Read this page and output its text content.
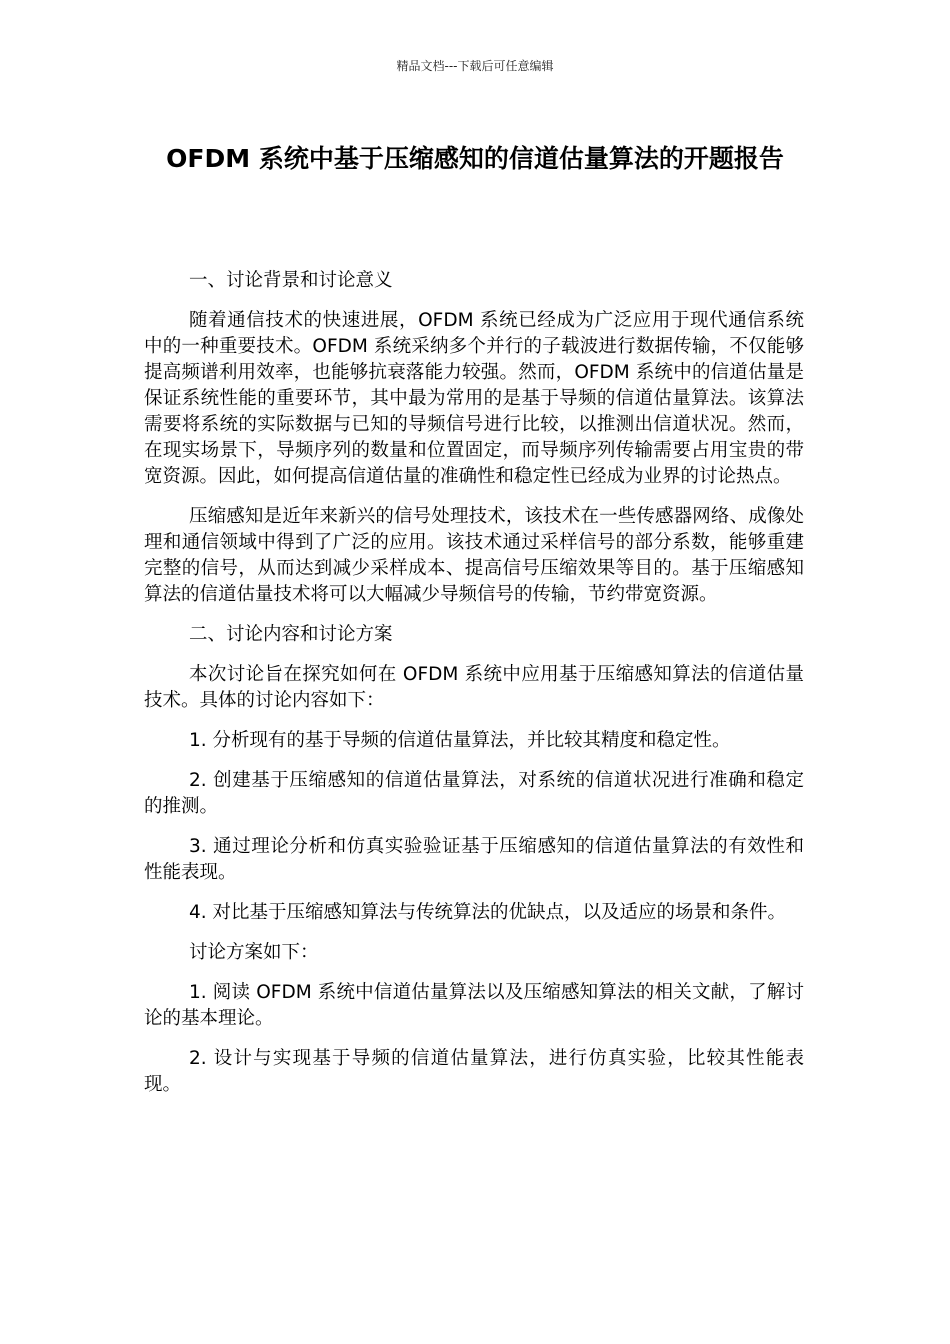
精品文档---下载后可任意编辑
OFDM 系统中基于压缩感知的信道估量算法的开题报告

一、讨论背景和讨论意义

随着通信技术的快速进展，OFDM 系统已经成为广泛应用于现代通信系统中的一种重要技术。OFDM 系统采纳多个并行的子载波进行数据传输，不仅能够提高频谱利用效率，也能够抗衰落能力较强。然而，OFDM 系统中的信道估量是保证系统性能的重要环节，其中最为常用的是基于导频的信道估量算法。该算法需要将系统的实际数据与已知的导频信号进行比较，以推测出信道状况。然而，在现实场景下，导频序列的数量和位置固定，而导频序列传输需要占用宝贵的带宽资源。因此，如何提高信道估量的准确性和稳定性已经成为业界的讨论热点。

压缩感知是近年来新兴的信号处理技术，该技术在一些传感器网络、成像处理和通信领域中得到了广泛的应用。该技术通过采样信号的部分系数，能够重建完整的信号，从而达到减少采样成本、提高信号压缩效果等目的。基于压缩感知算法的信道估量技术将可以大幅减少导频信号的传输，节约带宽资源。

二、讨论内容和讨论方案

本次讨论旨在探究如何在 OFDM 系统中应用基于压缩感知算法的信道估量技术。具体的讨论内容如下：

1. 分析现有的基于导频的信道估量算法，并比较其精度和稳定性。

2. 创建基于压缩感知的信道估量算法，对系统的信道状况进行准确和稳定的推测。

3. 通过理论分析和仿真实验验证基于压缩感知的信道估量算法的有效性和性能表现。

4. 对比基于压缩感知算法与传统算法的优缺点，以及适应的场景和条件。

讨论方案如下：

1. 阅读 OFDM 系统中信道估量算法以及压缩感知算法的相关文献，了解讨论的基本理论。

2. 设计与实现基于导频的信道估量算法，进行仿真实验，比较其性能表现。
